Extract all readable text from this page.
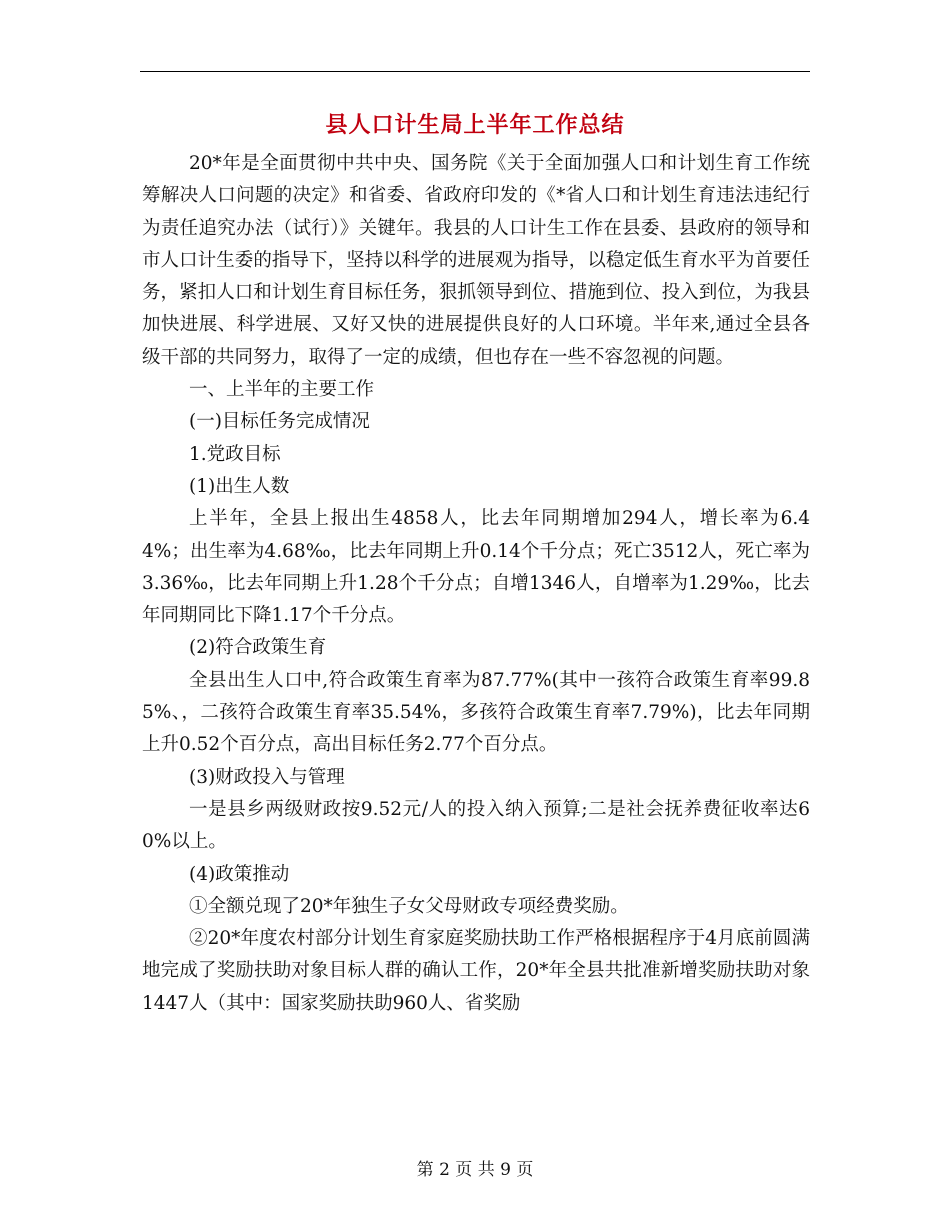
县人口计生局上半年工作总结

20*年是全面贯彻中共中央、国务院《关于全面加强人口和计划生育工作统筹解决人口问题的决定》和省委、省政府印发的《*省人口和计划生育违法违纪行为责任追究办法（试行）》关键年。我县的人口计生工作在县委、县政府的领导和市人口计生委的指导下，坚持以科学的进展观为指导，以稳定低生育水平为首要任务，紧扣人口和计划生育目标任务，狠抓领导到位、措施到位、投入到位，为我县加快进展、科学进展、又好又快的进展提供良好的人口环境。半年来,通过全县各级干部的共同努力，取得了一定的成绩，但也存在一些不容忽视的问题。

一、上半年的主要工作

(一)目标任务完成情况

1.党政目标

(1)出生人数

上半年，全县上报出生4858人，比去年同期增加294人，增长率为6.44%；出生率为4.68‰，比去年同期上升0.14个千分点；死亡3512人，死亡率为3.36‰，比去年同期上升1.28个千分点；自增1346人，自增率为1.29‰，比去年同期同比下降1.17个千分点。

(2)符合政策生育

全县出生人口中,符合政策生育率为87.77%(其中一孩符合政策生育率99.85%、，二孩符合政策生育率35.54%，多孩符合政策生育率7.79%)，比去年同期上升0.52个百分点，高出目标任务2.77个百分点。

(3)财政投入与管理

一是县乡两级财政按9.52元/人的投入纳入预算;二是社会抚养费征收率达60%以上。

(4)政策推动

①全额兑现了20*年独生子女父母财政专项经费奖励。

②20*年度农村部分计划生育家庭奖励扶助工作严格根据程序于4月底前圆满地完成了奖励扶助对象目标人群的确认工作，20*年全县共批准新增奖励扶助对象1447人（其中：国家奖励扶助960人、省奖励

第 2 页 共 9 页
